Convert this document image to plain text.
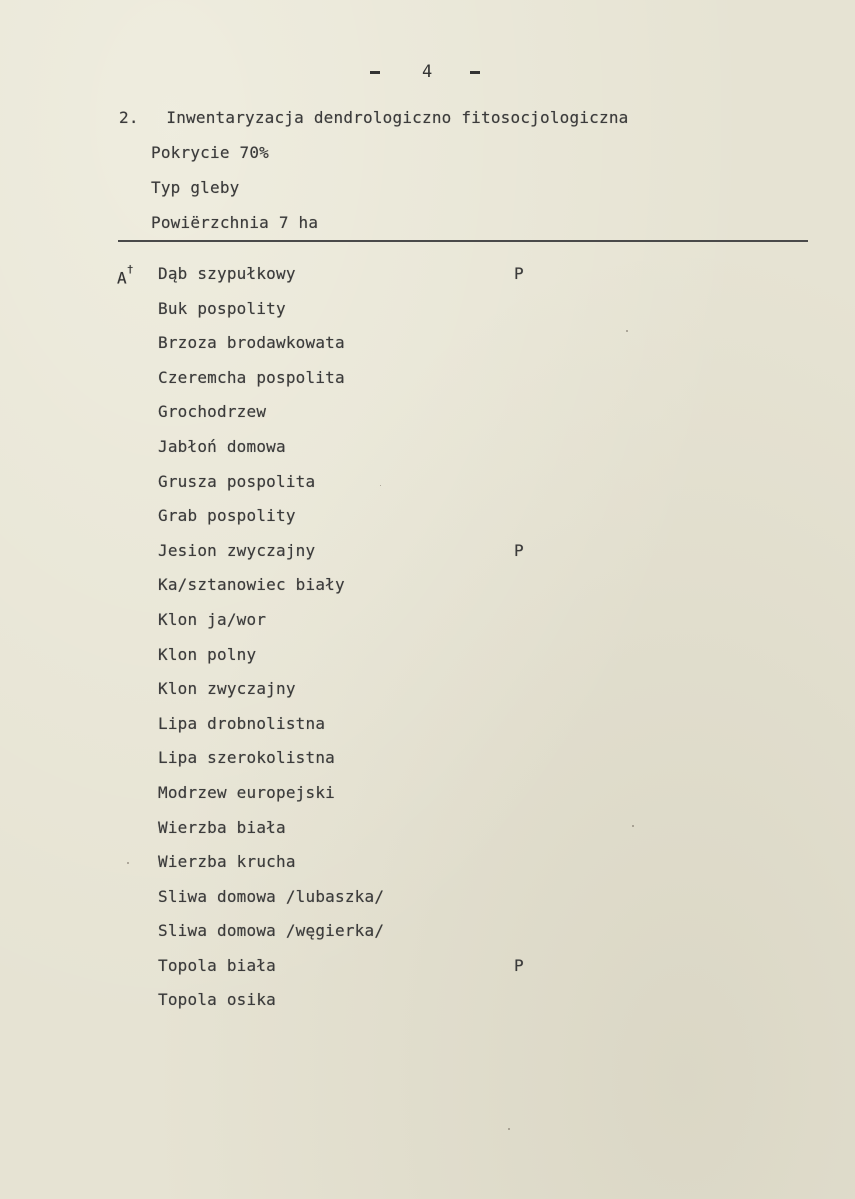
4
2. Inwentaryzacja dendrologiczno fitosocjologiczna
Pokrycie 70%
Typ gleby
Powiërzchnia 7 ha
A† Dąb szypułkowy	P
Buk pospolity
Brzoza brodawkowata
Czeremcha pospolita
Grochodrzew
Jabłoń domowa
Grusza pospolita
Grab pospolity
Jesion zwyczajny	P
Ka/sztanowiec biały
Klon ja/wor
Klon polny
Klon zwyczajny
Lipa drobnolistna
Lipa szerokolistna
Modrzew europejski
Wierzba biała
Wierzba krucha
Sliwa domowa /lubaszka/
Sliwa domowa /węgierka/
Topola biała	P
Topola osika
